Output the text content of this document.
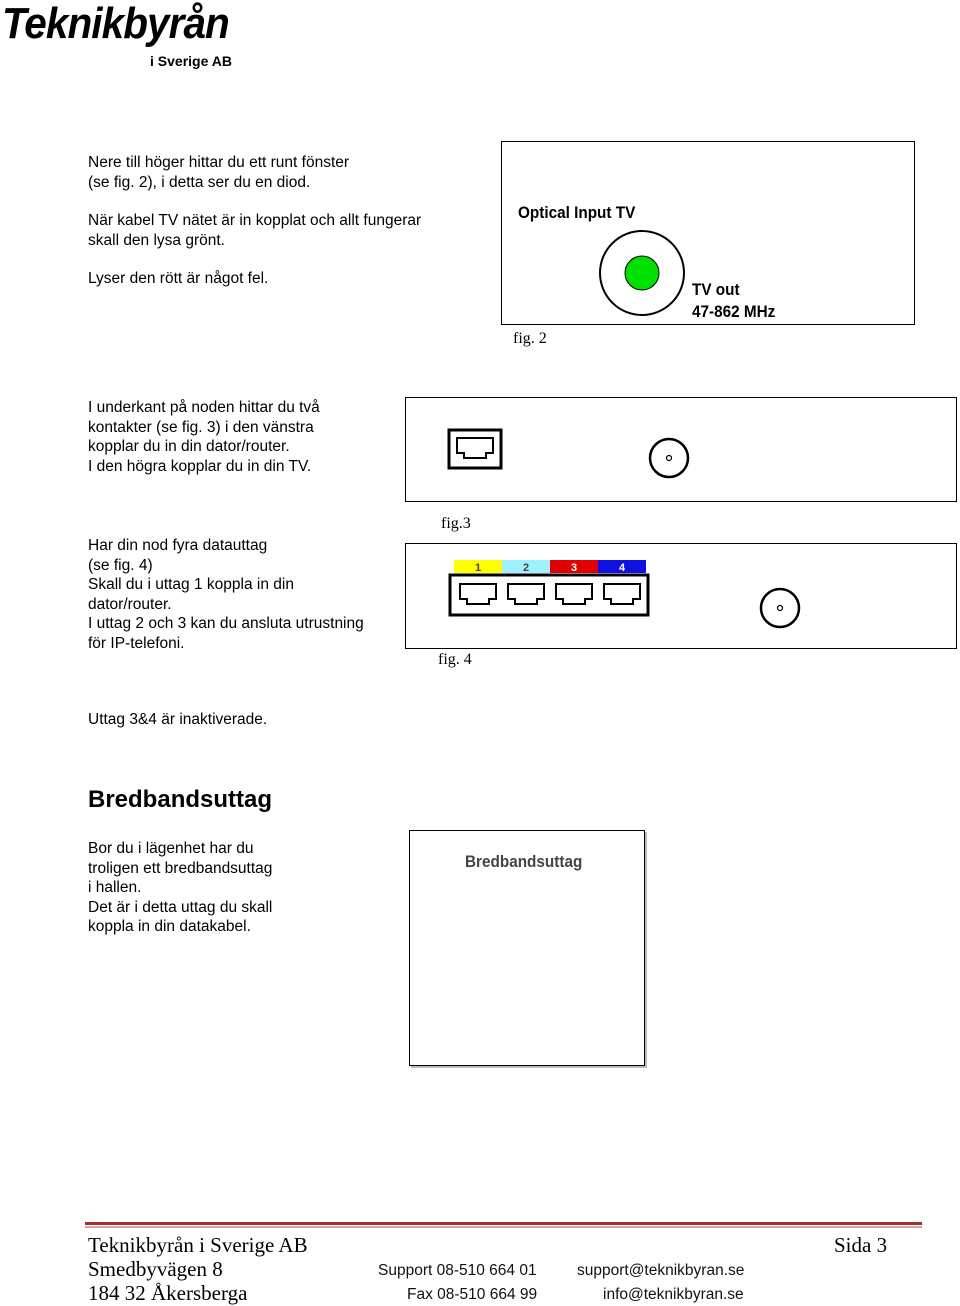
Teknikbyrån
i Sverige AB

Nere till höger hittar du ett runt fönster

(se fig. 2), i detta ser du en diod.

När kabel TV nätet är in kopplat och allt fungerar

skall den lysa grönt.

Lyser den rött är något fel.

Optical Input TV
TV out
47-862 MHz
fig. 2

I underkant på noden hittar du två

kontakter (se fig. 3) i den vänstra

kopplar du in din dator/router.

I den högra kopplar du in din TV.

fig.3

Har din nod fyra datauttag

(se fig. 4)

Skall du i uttag 1 koppla in din

dator/router.

I uttag 2 och 3 kan du ansluta utrustning

för IP-telefoni.

1	2	3	4
fig. 4
Uttag 3&4 är inaktiverade.
Bredbandsuttag

Bor du i lägenhet har du

troligen ett bredbandsuttag

i hallen.

Det är i detta uttag du skall

koppla in din datakabel.

Bredbandsuttag
Teknikbyrån i Sverige AB
Smedbyvägen 8
184 32 Åkersberga
Sida 3
Support 08-510 664 01
Fax 08-510 664 99
support@teknikbyran.se
info@teknikbyran.se
